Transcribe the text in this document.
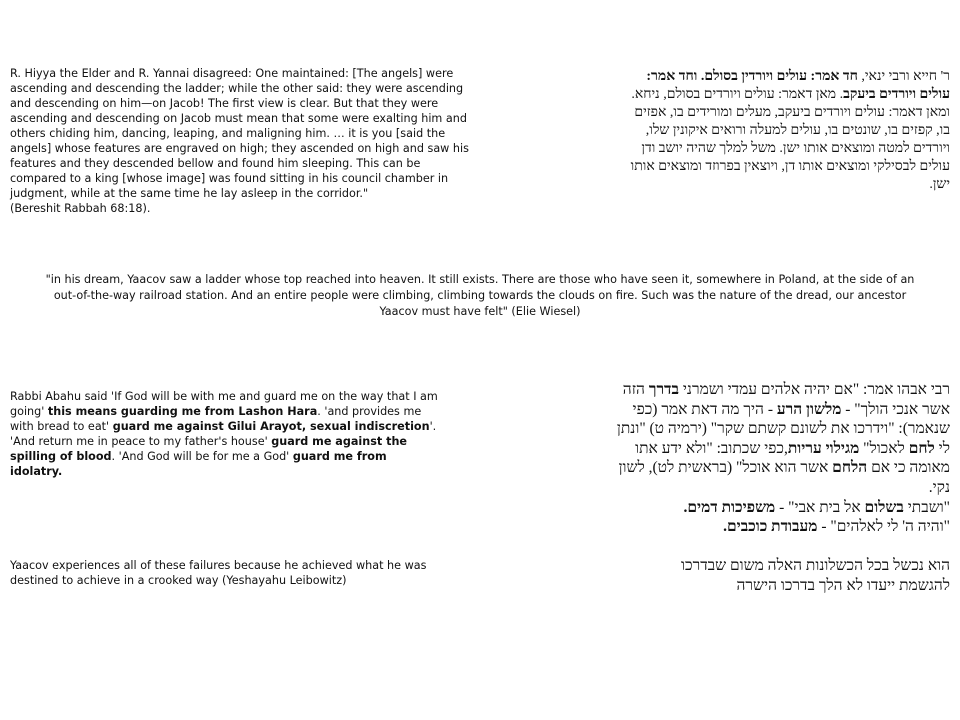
R. Hiyya the Elder and R. Yannai disagreed: One maintained: [The angels] were
ascending and descending the ladder; while the other said: they were ascending
and descending on him—on Jacob! The first view is clear. But that they were
ascending and descending on Jacob must mean that some were exalting him and
others chiding him, dancing, leaping, and maligning him. … it is you [said the
angels] whose features are engraved on high; they ascended on high and saw his
features and they descended bellow and found him sleeping. This can be
compared to a king [whose image] was found sitting in his council chamber in
judgment, while at the same time he lay asleep in the corridor."
(Bereshit Rabbah 68:18).
ר' חייא ורבי ינאי, חד אמר: עולים ויורדין בסולם. וחד אמר:
עולים ויורדים ביעקב. מאן דאמר: עולים ויורדים בסולם, ניחא.
ומאן דאמר: עולים ויורדים ביעקב, מעלים ומורידים בו, אפזים
בו, קפזים בו, שונטים בו, עולים למעלה ורואים איקונין שלו,
ויורדים למטה ומוצאים אותו ישן. משל למלך שהיה יושב ודן
עולים לבסילקי ומוצאים אותו דן, ויוצאין בפרוזד ומוצאים אותו
ישן.
"in his dream, Yaacov saw a ladder whose top reached into heaven. It still exists. There are those who have seen it, somewhere in Poland, at the side of an
out-of-the-way railroad station. And an entire people were climbing, climbing towards the clouds on fire. Such was the nature of the dread, our ancestor
Yaacov must have felt" (Elie Wiesel)
Rabbi Abahu said 'If God will be with me and guard me on the way that I am
going' this means guarding me from Lashon Hara. 'and provides me
with bread to eat' guard me against Gilui Arayot, sexual indiscretion'.
'And return me in peace to my father's house' guard me against the
spilling of blood. 'And God will be for me a God' guard me from
idolatry.
רבי אבהו אמר: "אם יהיה אלהים עמדי ושמרני בדרך הזה
אשר אנכי הולך" - מלשון הרע - היך מה דאת אמר (כפי
שנאמר): "וידרכו את לשונם קשתם שקר" (ירמיה ט) "ונתן
לי לחם לאכול" מגילוי עריות,כפי שכתוב: "ולא ידע אתו
מאומה כי אם הלחם אשר הוא אוכל" (בראשית לט), לשון
נקי.
"ושבתי בשלום אל בית אבי" - משפיכות דמים.
"והיה ה' לי לאלהים" - מעבודת כוכבים.
Yaacov experiences all of these failures because he achieved what he was
destined to achieve in a crooked way (Yeshayahu Leibowitz)
הוא נכשל בכל הכשלונות האלה משום שבדרכו
להגשמת ייעדו לא הלך בדרכו הישרה
